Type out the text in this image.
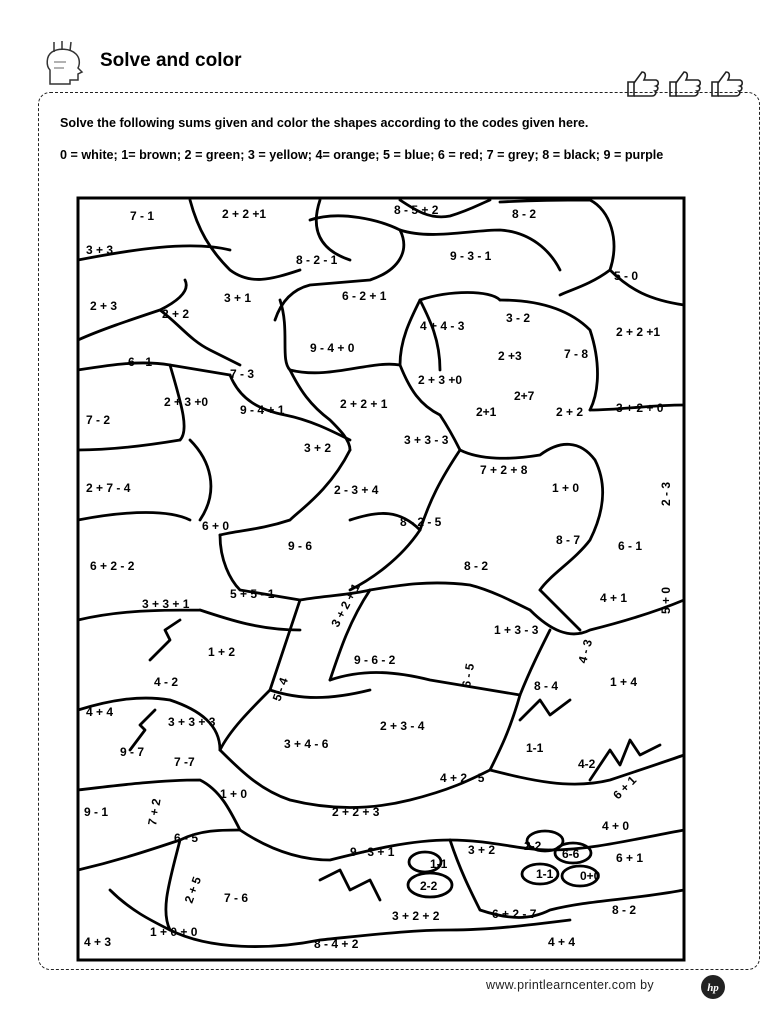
Solve and color
Solve the following sums given and color the shapes according to the codes given here.
0 = white; 1= brown; 2 = green; 3 = yellow; 4= orange; 5 = blue; 6 = red; 7 = grey; 8 = black; 9 = purple
7 - 1	2 + 2 +1	8 - 5 + 2	8 - 2
3 + 3
8 - 2 - 1	9 - 3 - 1
5 - 0
2 + 3
2 + 2
3 + 1	6 - 2 + 1
3 - 2
4 + 4 - 3	2 + 2 +1
9 - 4 + 0
6 - 1	2 +3	7 - 8
7 - 3	2 + 3 +0
7 - 2
2 + 3 +0
9 - 4 + 1	2 + 2 + 1
2+7
2+1	2 + 2	3 + 2 + 0
3 + 3 - 3
3 + 2
7 + 2 + 8
2 + 7 - 4	2 - 3 + 4	1 + 0	2 - 3
8 - 2 - 5
6 + 0
9 - 6	8 - 7	6 - 1
6 + 2 - 2	8 - 2
3 + 3 + 1
5 + 5 - 1	3 + 2 + 1	4 + 1	5 + 0
1 + 3 - 3
1 + 2
9 - 6 - 2	4 - 3
4 - 2	5 - 4
6 - 5	8 - 4	1 + 4
4 + 4
3 + 3 + 3	2 + 3 - 4
9 - 7
3 + 4 - 6	1-1
7 -7	4-2
4 + 2 - 5	6 + 1
1 + 0
7 + 2
9 - 1	2 + 2 + 3
4 + 0
6 - 5
9 - 3 + 1	3 + 2 2-2
6-6	6 + 1
1-1
1-1 0+0
2 + 5	2-2
7 - 6
3 + 2 + 2	6 + 2 - 7	8 - 2
1 + 0 + 0
4 + 3	8 - 4 + 2	4 + 4
www.printlearncenter.com by	hp
